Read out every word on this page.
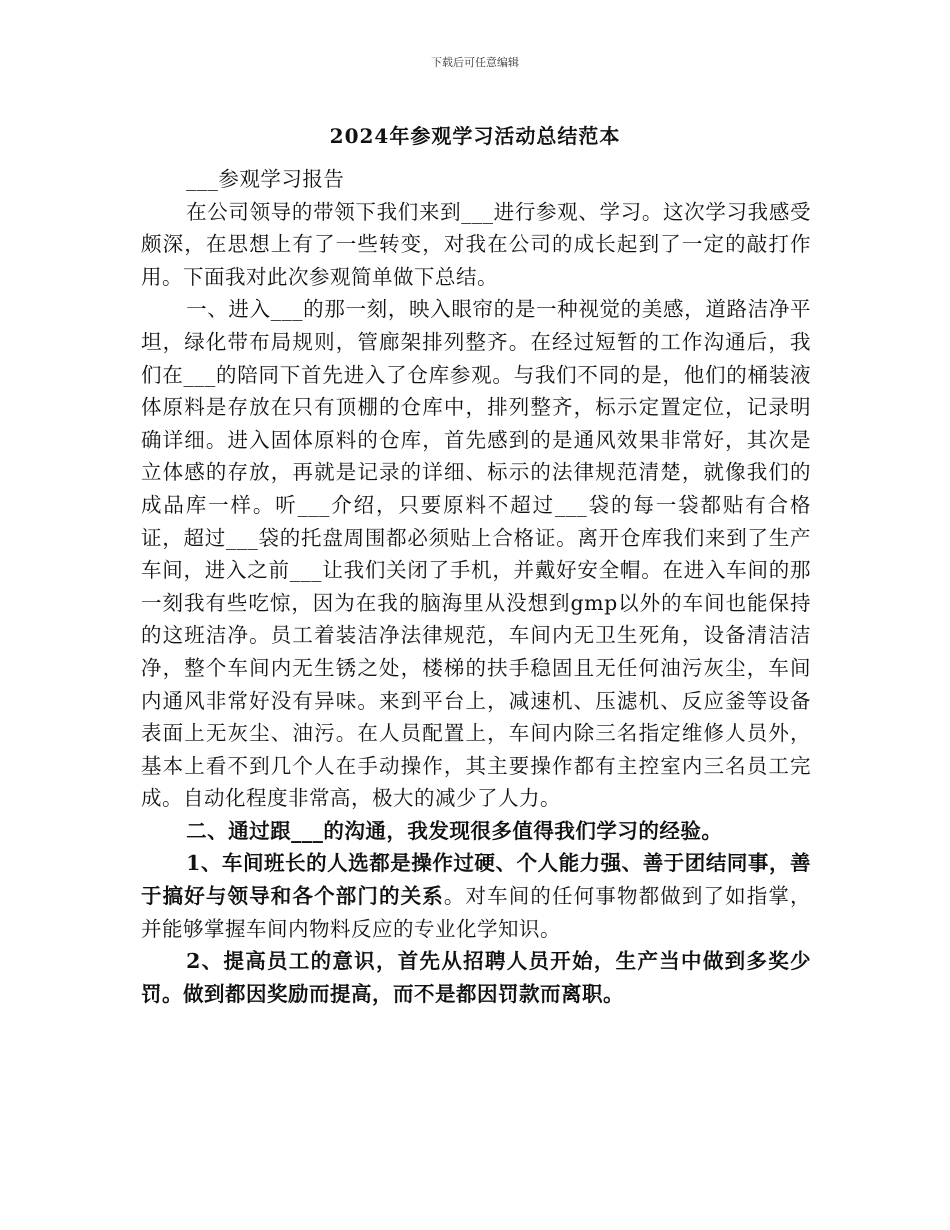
下载后可任意编辑
2024年参观学习活动总结范本

___参观学习报告

在公司领导的带领下我们来到___进行参观、学习。这次学习我感受颇深，在思想上有了一些转变，对我在公司的成长起到了一定的敲打作用。下面我对此次参观简单做下总结。

一、进入___的那一刻，映入眼帘的是一种视觉的美感，道路洁净平坦，绿化带布局规则，管廊架排列整齐。在经过短暂的工作沟通后，我们在___的陪同下首先进入了仓库参观。与我们不同的是，他们的桶装液体原料是存放在只有顶棚的仓库中，排列整齐，标示定置定位，记录明确详细。进入固体原料的仓库，首先感到的是通风效果非常好，其次是立体感的存放，再就是记录的详细、标示的法律规范清楚，就像我们的成品库一样。听___介绍，只要原料不超过___袋的每一袋都贴有合格证，超过___袋的托盘周围都必须贴上合格证。离开仓库我们来到了生产车间，进入之前___让我们关闭了手机，并戴好安全帽。在进入车间的那一刻我有些吃惊，因为在我的脑海里从没想到gmp以外的车间也能保持的这班洁净。员工着装洁净法律规范，车间内无卫生死角，设备清洁洁净，整个车间内无生锈之处，楼梯的扶手稳固且无任何油污灰尘，车间内通风非常好没有异味。来到平台上，减速机、压滤机、反应釜等设备表面上无灰尘、油污。在人员配置上，车间内除三名指定维修人员外，基本上看不到几个人在手动操作，其主要操作都有主控室内三名员工完成。自动化程度非常高，极大的减少了人力。

二、通过跟___的沟通，我发现很多值得我们学习的经验。

1、车间班长的人选都是操作过硬、个人能力强、善于团结同事，善于搞好与领导和各个部门的关系。对车间的任何事物都做到了如指掌，并能够掌握车间内物料反应的专业化学知识。

2、提高员工的意识，首先从招聘人员开始，生产当中做到多奖少罚。做到都因奖励而提高，而不是都因罚款而离职。
